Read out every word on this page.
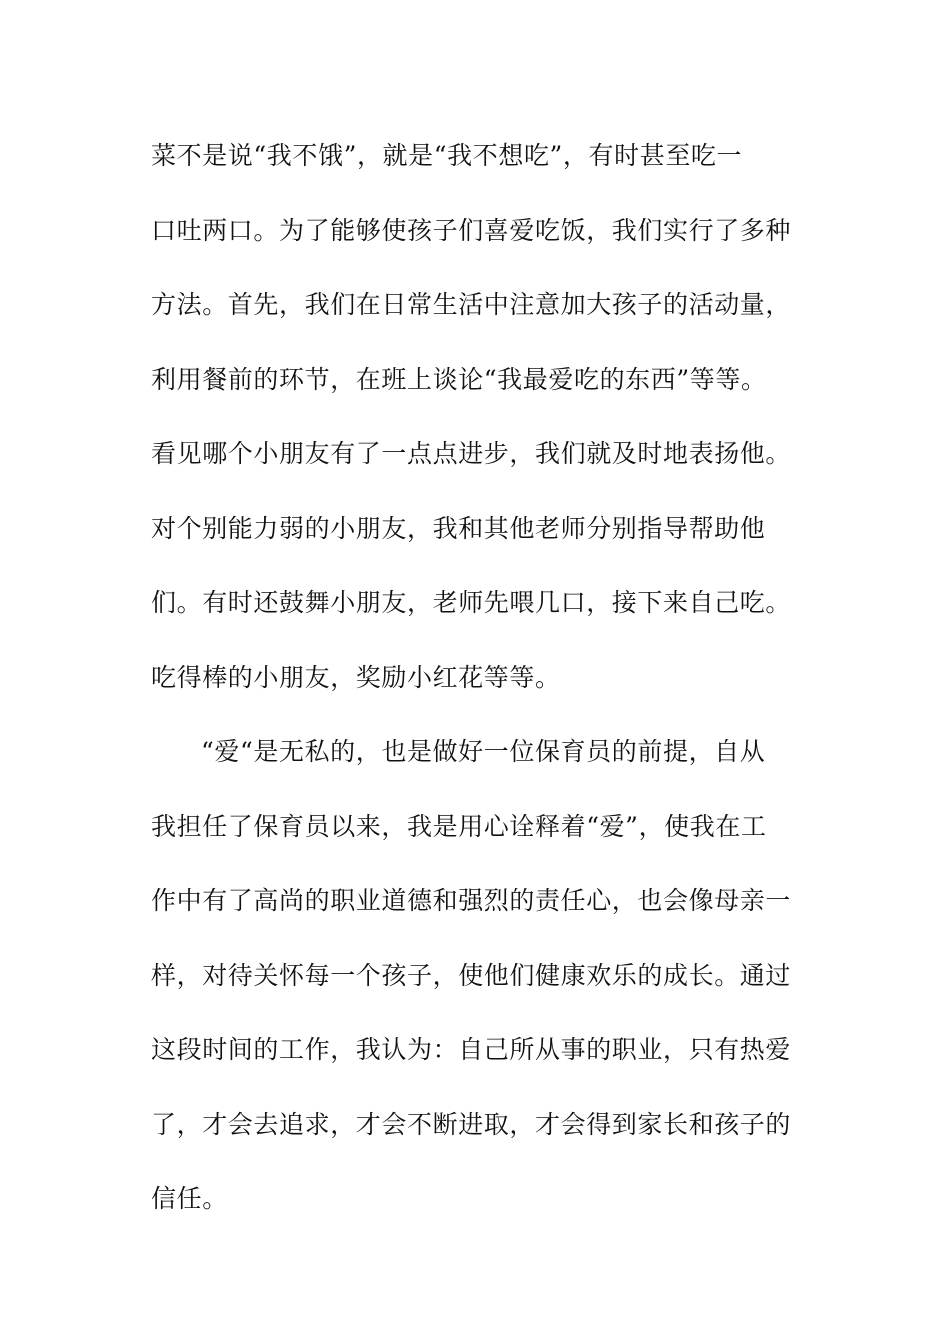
菜不是说“我不饿”，就是“我不想吃”，有时甚至吃一
口吐两口。为了能够使孩子们喜爱吃饭，我们实行了多种
方法。首先，我们在日常生活中注意加大孩子的活动量，
利用餐前的环节，在班上谈论“我最爱吃的东西”等等。
看见哪个小朋友有了一点点进步，我们就及时地表扬他。
对个别能力弱的小朋友，我和其他老师分别指导帮助他
们。有时还鼓舞小朋友，老师先喂几口，接下来自己吃。
吃得棒的小朋友，奖励小红花等等。
“爱“是无私的，也是做好一位保育员的前提，自从
我担任了保育员以来，我是用心诠释着“爱”，使我在工
作中有了高尚的职业道德和强烈的责任心，也会像母亲一
样，对待关怀每一个孩子，使他们健康欢乐的成长。通过
这段时间的工作，我认为：自己所从事的职业，只有热爱
了，才会去追求，才会不断进取，才会得到家长和孩子的
信任。
